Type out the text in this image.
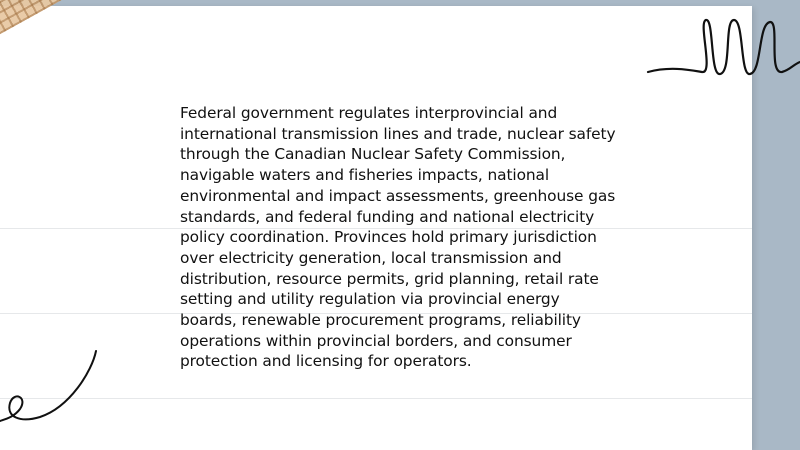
Federal government regulates interprovincial and international transmission lines and trade, nuclear safety through the Canadian Nuclear Safety Commission, navigable waters and fisheries impacts, national environmental and impact assessments, greenhouse gas standards, and federal funding and national electricity policy coordination. Provinces hold primary jurisdiction over electricity generation, local transmission and distribution, resource permits, grid planning, retail rate setting and utility regulation via provincial energy boards, renewable procurement programs, reliability operations within provincial borders, and consumer protection and licensing for operators.
